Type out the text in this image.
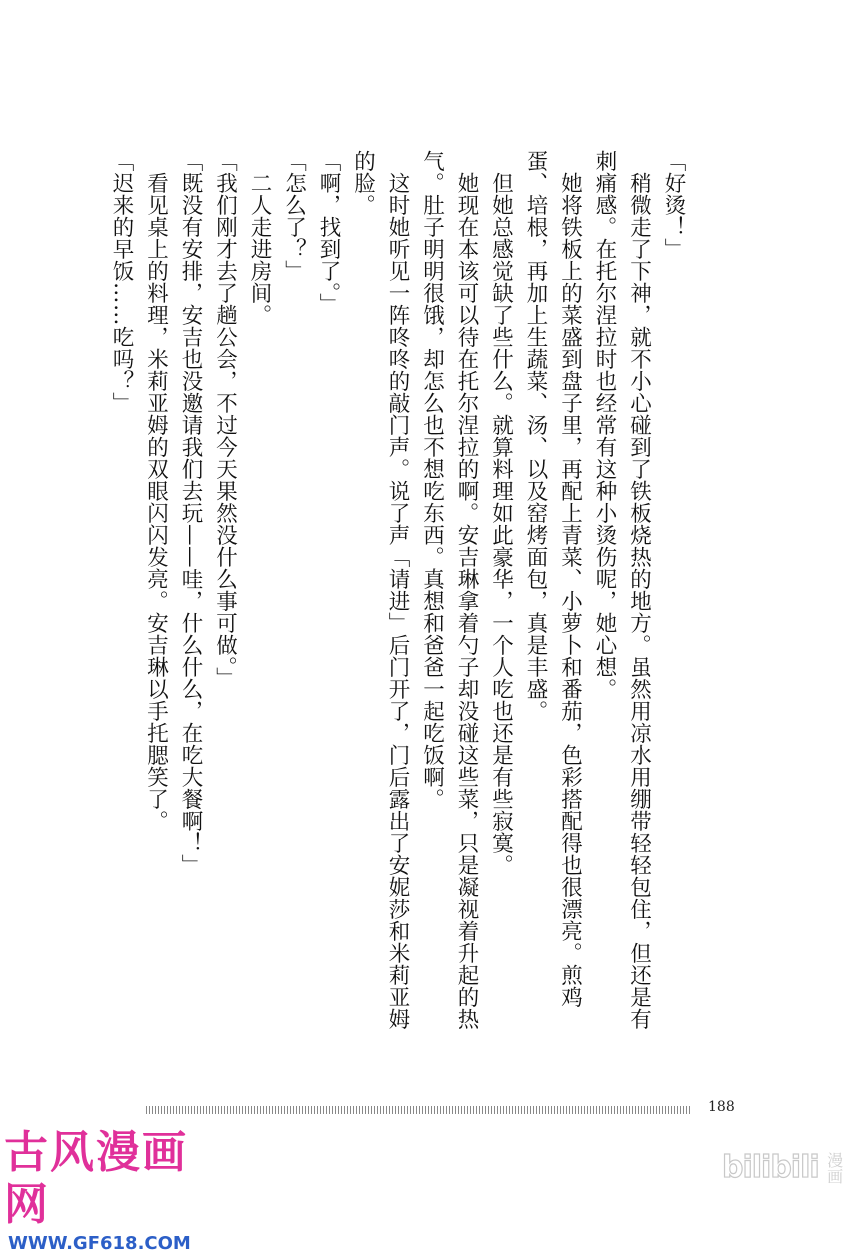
「好烫！」

稍微走了下神，就不小心碰到了铁板烧热的地方。虽然用凉水用绷带轻轻包住，但还是有刺痛感。在托尔涅拉时也经常有这种小烫伤呢，她心想。

她将铁板上的菜盛到盘子里，再配上青菜、小萝卜和番茄，色彩搭配得也很漂亮。煎鸡蛋、培根，再加上生蔬菜、汤、以及窑烤面包，真是丰盛。

但她总感觉缺了些什么。就算料理如此豪华，一个人吃也还是有些寂寞。

她现在本该可以待在托尔涅拉的啊。安吉琳拿着勺子却没碰这些菜，只是凝视着升起的热气。肚子明明很饿，却怎么也不想吃东西。真想和爸爸一起吃饭啊。

这时她听见一阵咚咚的敲门声。说了声「请进」后门开了，门后露出了安妮莎和米莉亚姆的脸。

「啊，找到了。」

「怎么了？」

二人走进房间。

「我们刚才去了趟公会，不过今天果然没什么事可做。」

「既没有安排，安吉也没邀请我们去玩——哇，什么什么，在吃大餐啊！」

看见桌上的料理，米莉亚姆的双眼闪闪发亮。安吉琳以手托腮笑了。

「迟来的早饭……吃吗？」

188
古风漫画网
WWW.GF618.COM
bilibili 漫画
